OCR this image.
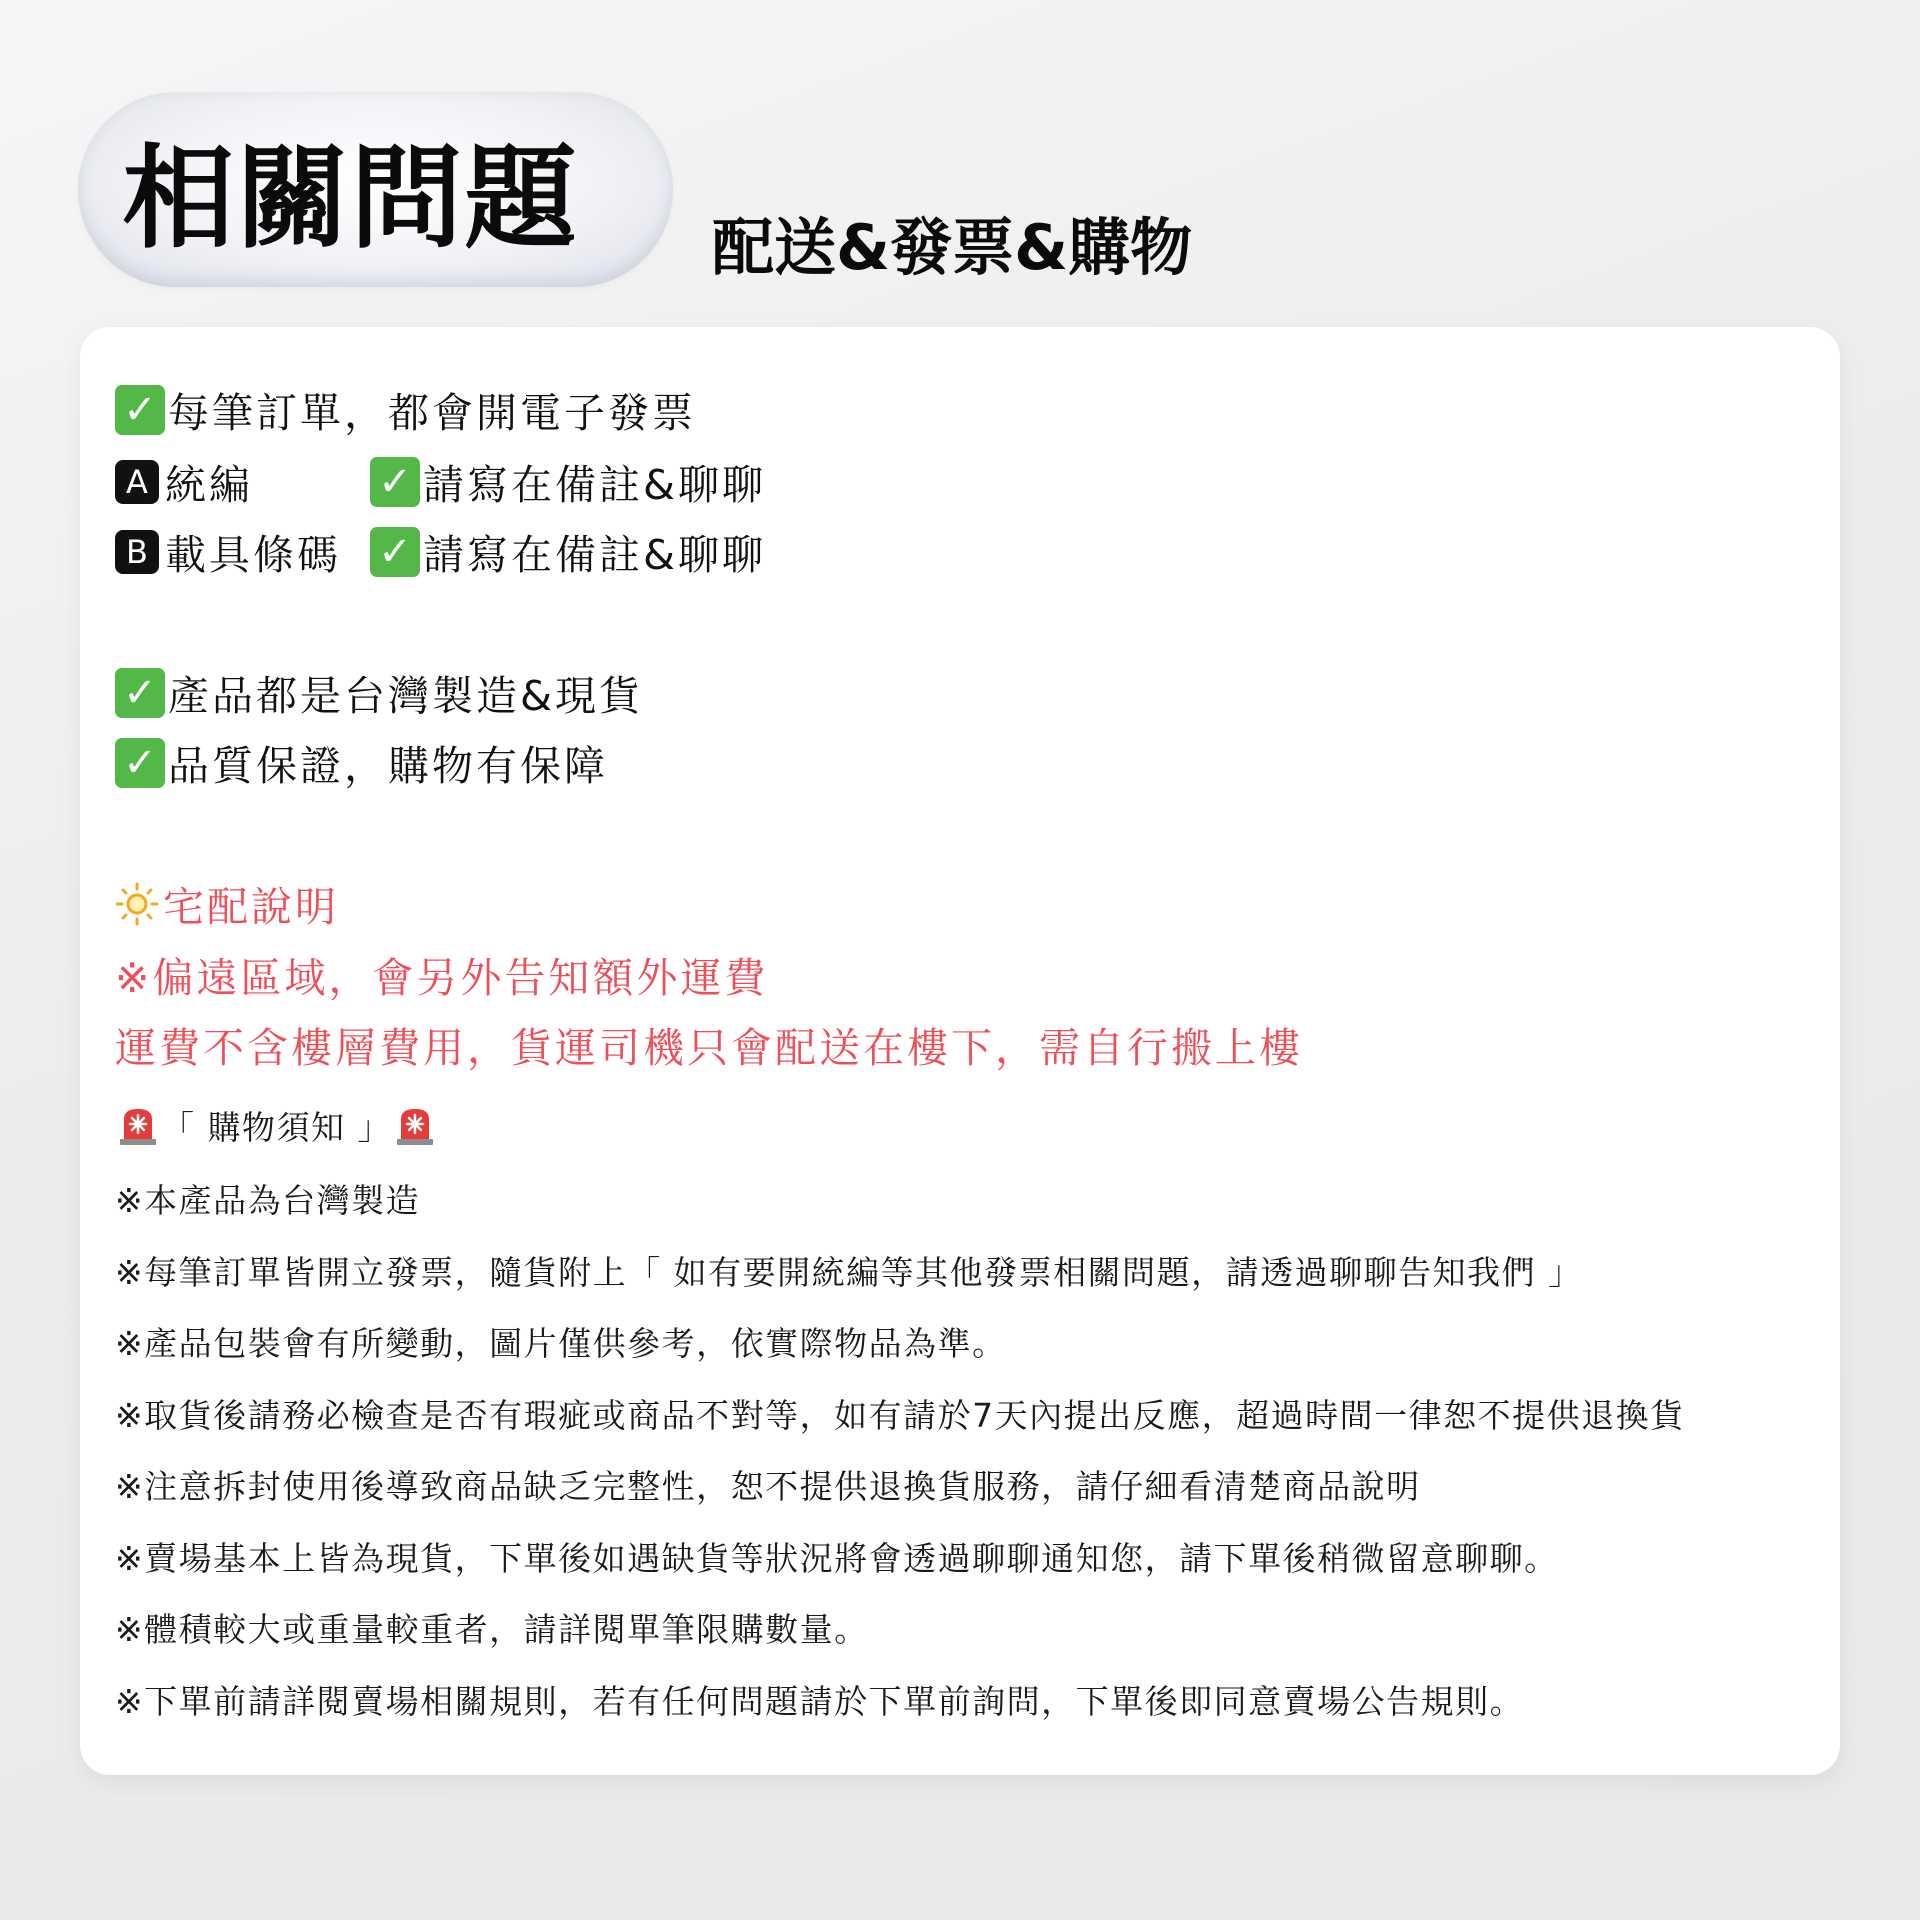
相關問題	配送&發票&購物
✓ 每筆訂單，都會開電子發票
A 統編	✓ 請寫在備註&聊聊
B 載具條碼 ✓ 請寫在備註&聊聊
✓ 產品都是台灣製造&現貨
✓ 品質保證，購物有保障
宅配說明
※偏遠區域，會另外告知額外運費
運費不含樓層費用，貨運司機只會配送在樓下，需自行搬上樓
「 購物須知 」
※本產品為台灣製造
※每筆訂單皆開立發票，隨貨附上「 如有要開統編等其他發票相關問題，請透過聊聊告知我們 」
※產品包裝會有所變動，圖片僅供參考，依實際物品為準。
※取貨後請務必檢查是否有瑕疵或商品不對等，如有請於7天內提出反應，超過時間一律恕不提供退換貨
※注意拆封使用後導致商品缺乏完整性，恕不提供退換貨服務，請仔細看清楚商品說明
※賣場基本上皆為現貨，下單後如遇缺貨等狀況將會透過聊聊通知您，請下單後稍微留意聊聊。
※體積較大或重量較重者，請詳閱單筆限購數量。
※下單前請詳閱賣場相關規則，若有任何問題請於下單前詢問，下單後即同意賣場公告規則。
